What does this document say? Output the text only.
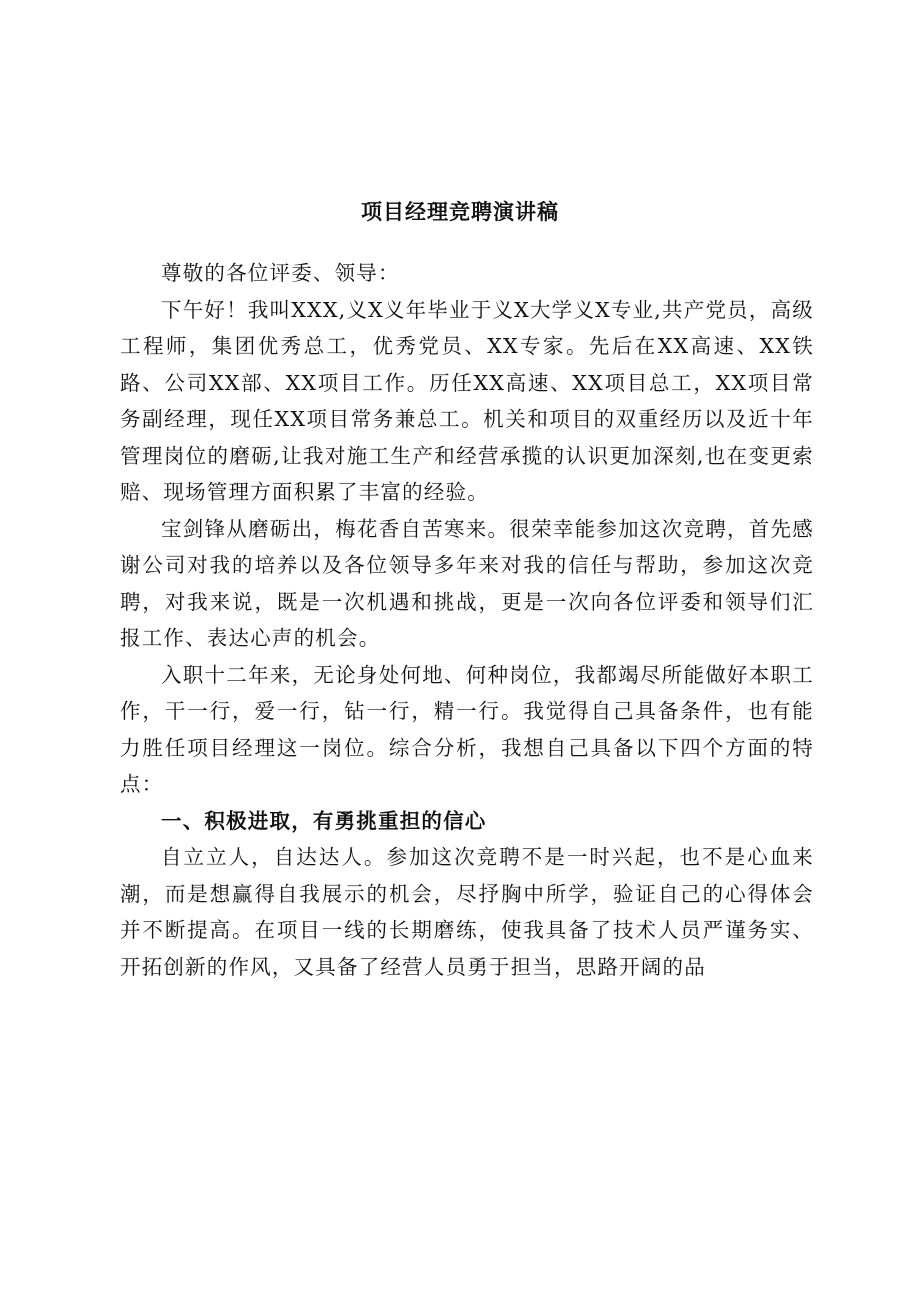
项目经理竞聘演讲稿

尊敬的各位评委、领导：

下午好！我叫XXX,义X义年毕业于义X大学义X专业,共产党员，高级工程师，集团优秀总工，优秀党员、XX专家。先后在XX高速、XX铁路、公司XX部、XX项目工作。历任XX高速、XX项目总工，XX项目常务副经理，现任XX项目常务兼总工。机关和项目的双重经历以及近十年管理岗位的磨砺,让我对施工生产和经营承揽的认识更加深刻,也在变更索赔、现场管理方面积累了丰富的经验。

宝剑锋从磨砺出，梅花香自苦寒来。很荣幸能参加这次竞聘，首先感谢公司对我的培养以及各位领导多年来对我的信任与帮助，参加这次竞聘，对我来说，既是一次机遇和挑战，更是一次向各位评委和领导们汇报工作、表达心声的机会。

入职十二年来，无论身处何地、何种岗位，我都竭尽所能做好本职工作，干一行，爱一行，钻一行，精一行。我觉得自己具备条件，也有能力胜任项目经理这一岗位。综合分析，我想自己具备以下四个方面的特点：

一、积极进取，有勇挑重担的信心

自立立人，自达达人。参加这次竞聘不是一时兴起，也不是心血来潮，而是想赢得自我展示的机会，尽抒胸中所学，验证自己的心得体会并不断提高。在项目一线的长期磨练，使我具备了技术人员严谨务实、开拓创新的作风，又具备了经营人员勇于担当，思路开阔的品
